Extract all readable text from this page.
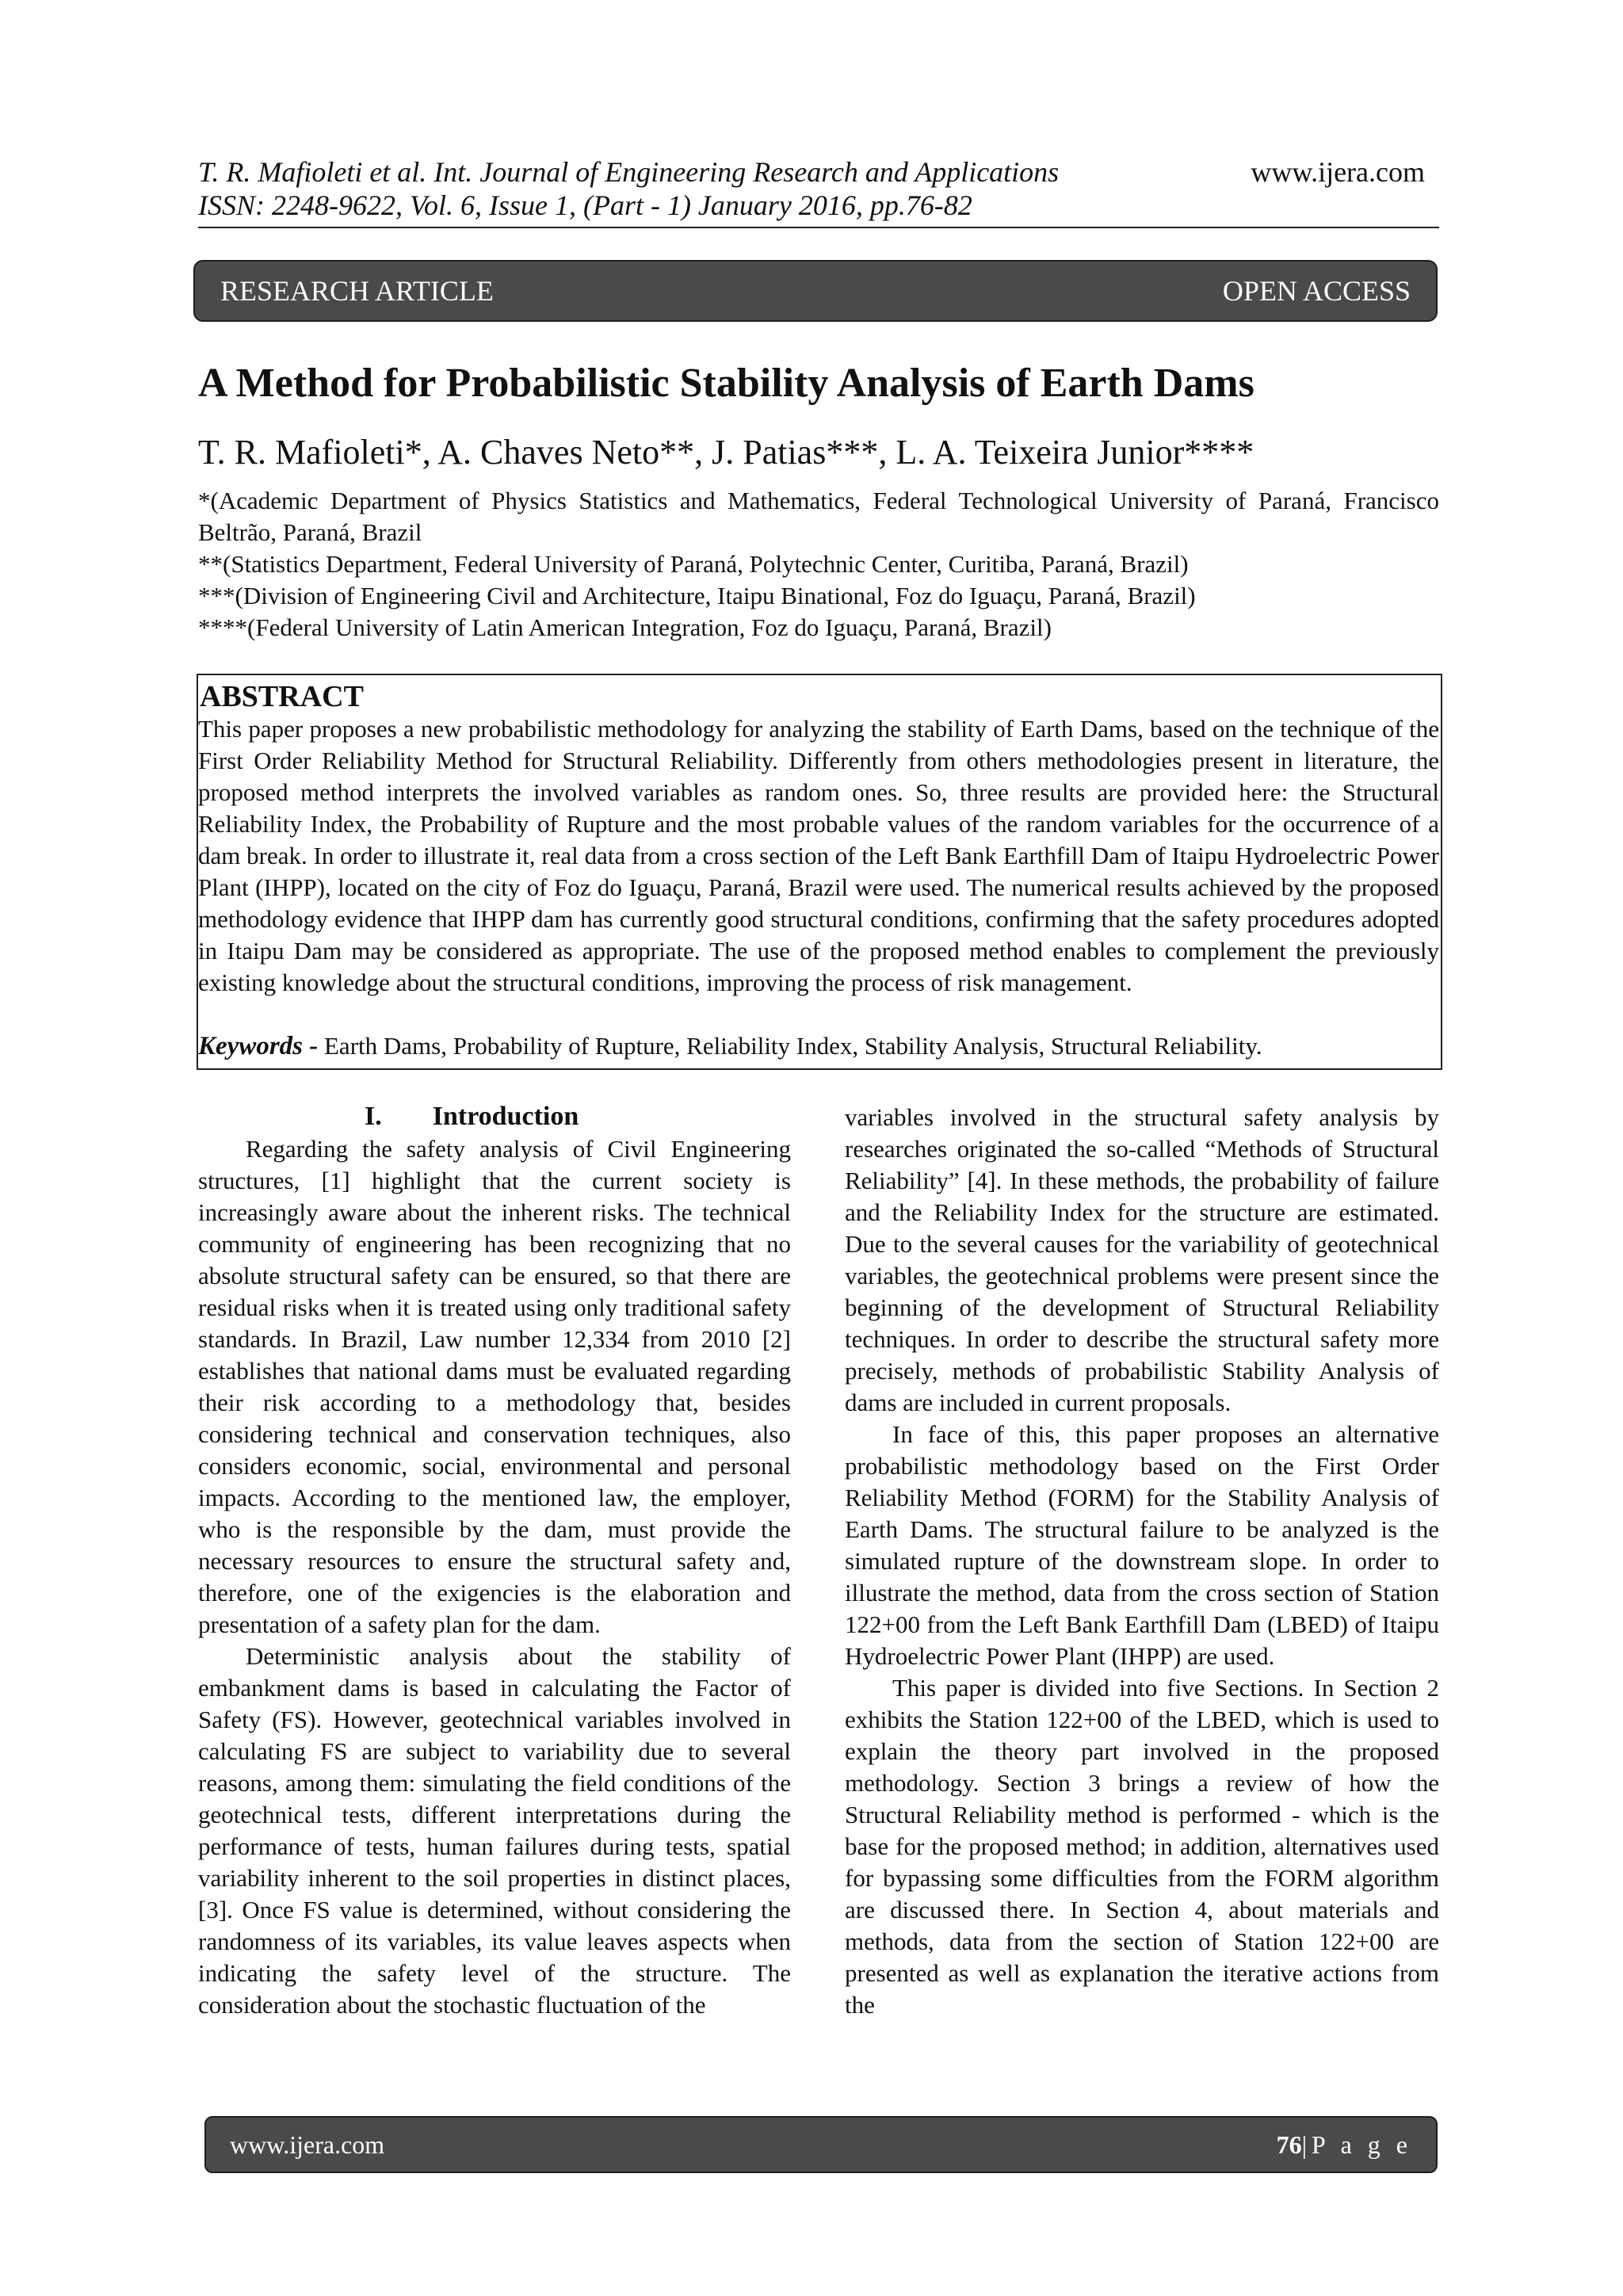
T. R. Mafioleti et al. Int. Journal of Engineering Research and Applications
ISSN: 2248-9622, Vol. 6, Issue 1, (Part - 1) January 2016, pp.76-82
www.ijera.com
RESEARCH ARTICLE	OPEN ACCESS
A Method for Probabilistic Stability Analysis of Earth Dams
T. R. Mafioleti*, A. Chaves Neto**, J. Patias***, L. A. Teixeira Junior****
*(Academic Department of Physics Statistics and Mathematics, Federal Technological University of Paraná, Francisco Beltrão, Paraná, Brazil
**(Statistics Department, Federal University of Paraná, Polytechnic Center, Curitiba, Paraná, Brazil)
***(Division of Engineering Civil and Architecture, Itaipu Binational, Foz do Iguaçu, Paraná, Brazil)
****(Federal University of Latin American Integration, Foz do Iguaçu, Paraná, Brazil)
ABSTRACT
This paper proposes a new probabilistic methodology for analyzing the stability of Earth Dams, based on the technique of the First Order Reliability Method for Structural Reliability. Differently from others methodologies present in literature, the proposed method interprets the involved variables as random ones. So, three results are provided here: the Structural Reliability Index, the Probability of Rupture and the most probable values of the random variables for the occurrence of a dam break. In order to illustrate it, real data from a cross section of the Left Bank Earthfill Dam of Itaipu Hydroelectric Power Plant (IHPP), located on the city of Foz do Iguaçu, Paraná, Brazil were used. The numerical results achieved by the proposed methodology evidence that IHPP dam has currently good structural conditions, confirming that the safety procedures adopted in Itaipu Dam may be considered as appropriate. The use of the proposed method enables to complement the previously existing knowledge about the structural conditions, improving the process of risk management.
Keywords - Earth Dams, Probability of Rupture, Reliability Index, Stability Analysis, Structural Reliability.
I. Introduction

Regarding the safety analysis of Civil Engineering structures, [1] highlight that the current society is increasingly aware about the inherent risks. The technical community of engineering has been recognizing that no absolute structural safety can be ensured, so that there are residual risks when it is treated using only traditional safety standards. In Brazil, Law number 12,334 from 2010 [2] establishes that national dams must be evaluated regarding their risk according to a methodology that, besides considering technical and conservation techniques, also considers economic, social, environmental and personal impacts. According to the mentioned law, the employer, who is the responsible by the dam, must provide the necessary resources to ensure the structural safety and, therefore, one of the exigencies is the elaboration and presentation of a safety plan for the dam.

Deterministic analysis about the stability of embankment dams is based in calculating the Factor of Safety (FS). However, geotechnical variables involved in calculating FS are subject to variability due to several reasons, among them: simulating the field conditions of the geotechnical tests, different interpretations during the performance of tests, human failures during tests, spatial variability inherent to the soil properties in distinct places, [3]. Once FS value is determined, without considering the randomness of its variables, its value leaves aspects when indicating the safety level of the structure. The consideration about the stochastic fluctuation of the

variables involved in the structural safety analysis by researches originated the so-called “Methods of Structural Reliability” [4]. In these methods, the probability of failure and the Reliability Index for the structure are estimated. Due to the several causes for the variability of geotechnical variables, the geotechnical problems were present since the beginning of the development of Structural Reliability techniques. In order to describe the structural safety more precisely, methods of probabilistic Stability Analysis of dams are included in current proposals.

In face of this, this paper proposes an alternative probabilistic methodology based on the First Order Reliability Method (FORM) for the Stability Analysis of Earth Dams. The structural failure to be analyzed is the simulated rupture of the downstream slope. In order to illustrate the method, data from the cross section of Station 122+00 from the Left Bank Earthfill Dam (LBED) of Itaipu Hydroelectric Power Plant (IHPP) are used.

This paper is divided into five Sections. In Section 2 exhibits the Station 122+00 of the LBED, which is used to explain the theory part involved in the proposed methodology. Section 3 brings a review of how the Structural Reliability method is performed - which is the base for the proposed method; in addition, alternatives used for bypassing some difficulties from the FORM algorithm are discussed there. In Section 4, about materials and methods, data from the section of Station 122+00 are presented as well as explanation the iterative actions from the

www.ijera.com	76|P a g e
